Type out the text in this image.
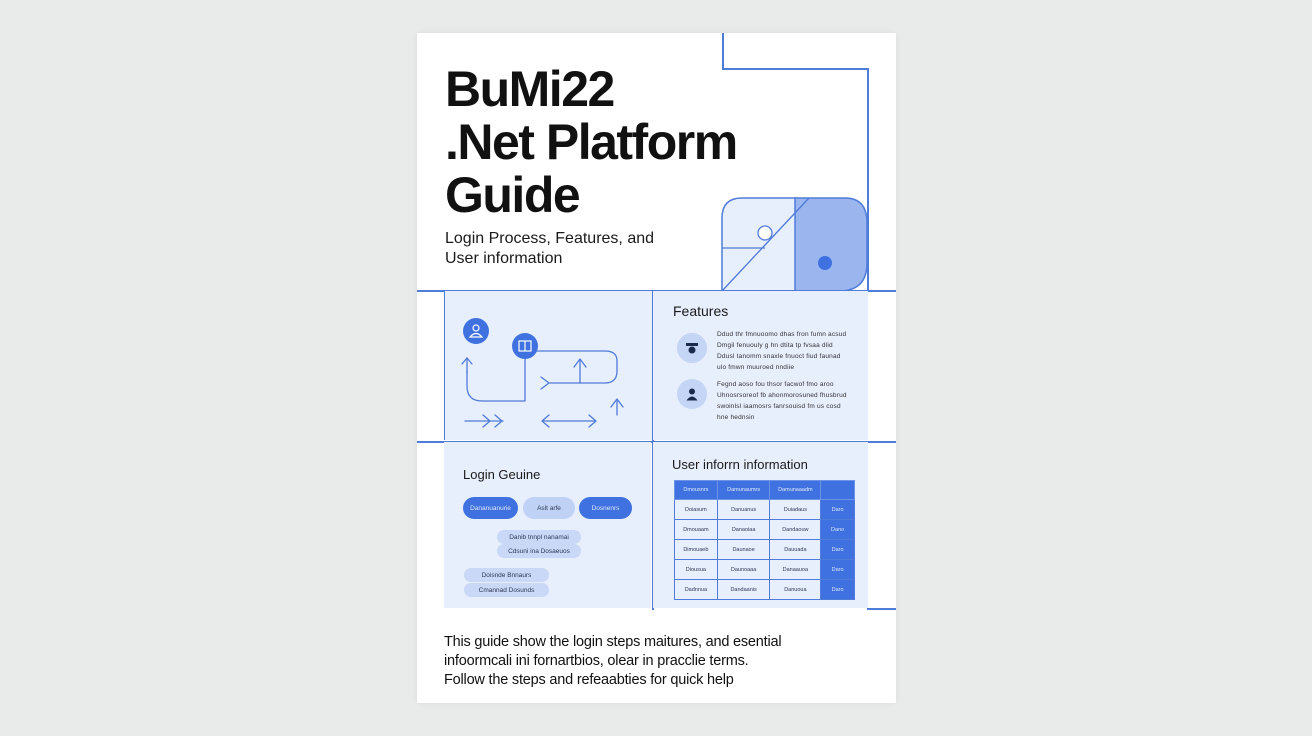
BuMi22
.Net Platform
Guide
Login Process, Features, and
User information
Features
Ddud thr fmnuoomo dhas fron fumn acsud
Dmgil fenuouly g hn dtita tp fvsaa dlid
Ddusl tanomm snaxle fnuoct fiud faunad
ulo fmwn muuroed nndiie
Fegnd aoso fou thsor facwof fmo aroo
Uhnosrsoreof fb ahonmorosuned fhusbrud
swoinlsl iaamosrs fanrsouisd fm us cosd
hne hednsin
Login Geuine
Dananuanurie	Aslt arfe	Dosnenrs
Danib tnnpl nanamai
Cdsuni ina Dosaeuos
Doisnde Bnnaurs
Cmannad Dosunds
User inforrn information
Dmousnrs	Damunaumrs	Damunaaadm	
Doiasum	Danuanus	Duiadaus	Daro
Dmouaam	Danaoiaa	Dandaouw	Dano
Dimouaeb	Daunaoe	Dauuada	Daro
Diousua	Daunoaaa	Danaauoa	Daro
Dadnnua	Dandaanis	Danuoua	Daro
This guide show the login steps maitures, and esential
infoormcali ini fornartbios, olear in pracclie terms.
Follow the steps and refeaabties for quick help
